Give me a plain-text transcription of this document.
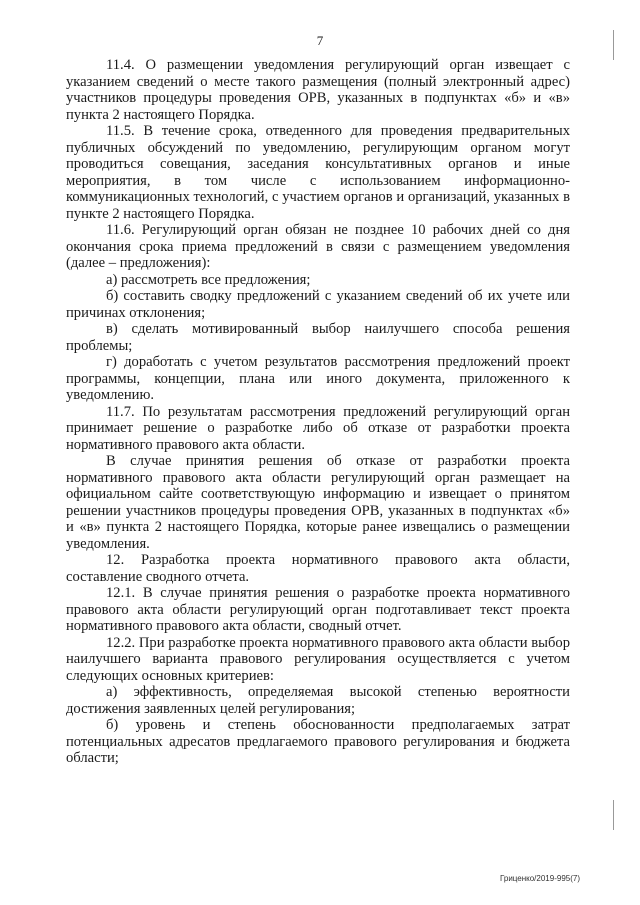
7

11.4. О размещении уведомления регулирующий орган извещает с указанием сведений о месте такого размещения (полный электронный адрес) участников процедуры проведения ОРВ, указанных в подпунктах «б» и «в» пункта 2 настоящего Порядка.

11.5. В течение срока, отведенного для проведения предварительных публичных обсуждений по уведомлению, регулирующим органом могут проводиться совещания, заседания консультативных органов и иные мероприятия, в том числе с использованием информационно-коммуникационных технологий, с участием органов и организаций, указанных в пункте 2 настоящего Порядка.

11.6. Регулирующий орган обязан не позднее 10 рабочих дней со дня окончания срока приема предложений в связи с размещением уведомления (далее – предложения):

а) рассмотреть все предложения;

б) составить сводку предложений с указанием сведений об их учете или причинах отклонения;

в) сделать мотивированный выбор наилучшего способа решения проблемы;

г) доработать с учетом результатов рассмотрения предложений проект программы, концепции, плана или иного документа, приложенного к уведомлению.

11.7. По результатам рассмотрения предложений регулирующий орган принимает решение о разработке либо об отказе от разработки проекта нормативного правового акта области.

В случае принятия решения об отказе от разработки проекта нормативного правового акта области регулирующий орган размещает на официальном сайте соответствующую информацию и извещает о принятом решении участников процедуры проведения ОРВ, указанных в подпунктах «б» и «в» пункта 2 настоящего Порядка, которые ранее извещались о размещении уведомления.

12. Разработка проекта нормативного правового акта области, составление сводного отчета.

12.1. В случае принятия решения о разработке проекта нормативного правового акта области регулирующий орган подготавливает текст проекта нормативного правового акта области, сводный отчет.

12.2. При разработке проекта нормативного правового акта области выбор наилучшего варианта правового регулирования осуществляется с учетом следующих основных критериев:

а) эффективность, определяемая высокой степенью вероятности достижения заявленных целей регулирования;

б) уровень и степень обоснованности предполагаемых затрат потенциальных адресатов предлагаемого правового регулирования и бюджета области;

Гриценко/2019-995(7)
